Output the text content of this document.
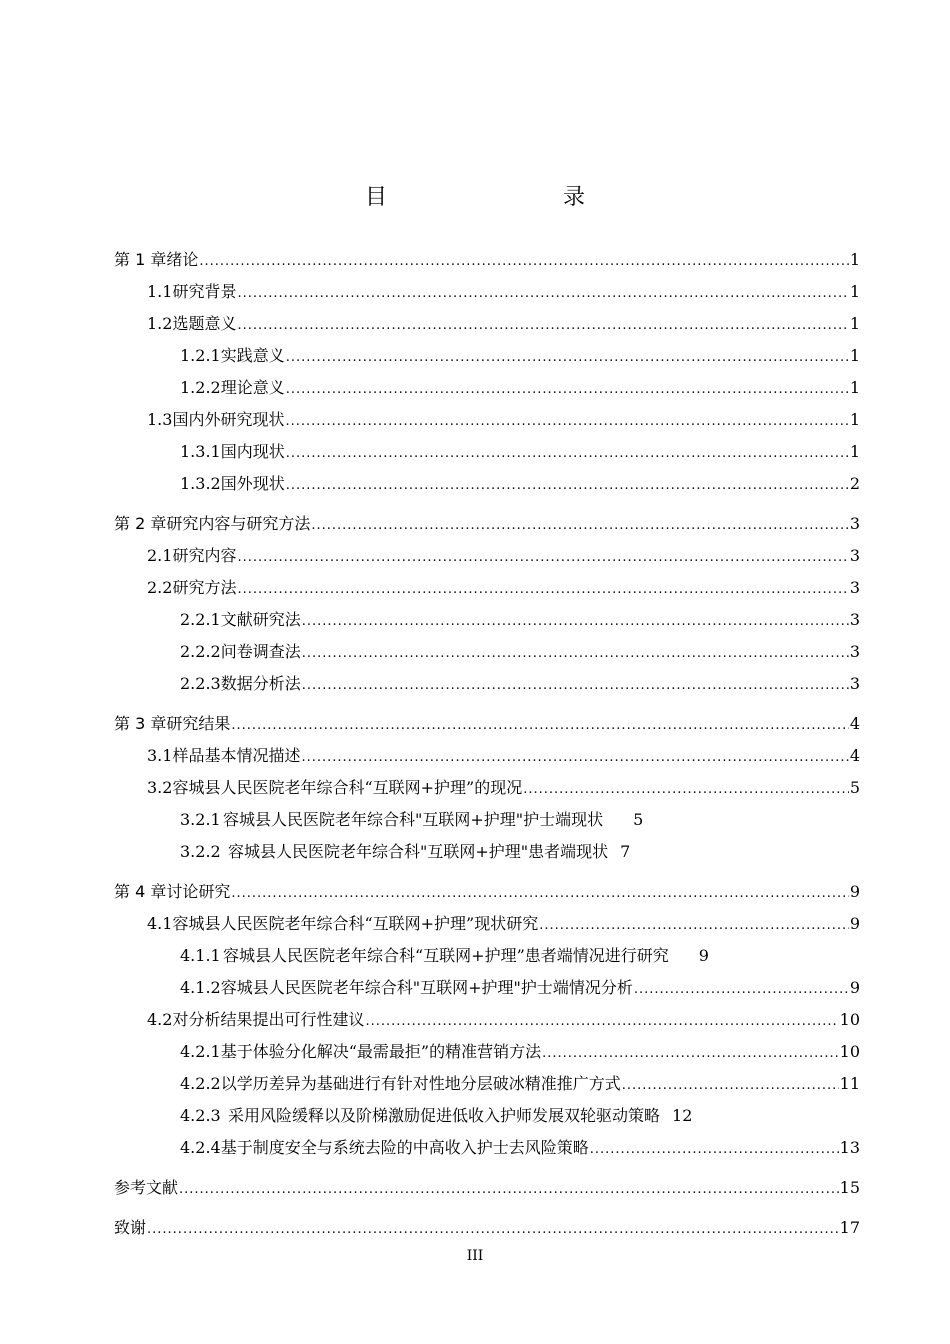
目　　录
第 1 章 绪论 .....	1
1.1 研究背景 .....	1
1.2 选题意义 .....	1
1.2.1 实践意义 .....	1
1.2.2 理论意义 .....	1
1.3 国内外研究现状 .....	1
1.3.1 国内现状 .....	1
1.3.2 国外现状 .....	2
第 2 章 研究内容与研究方法 .....	3
2.1 研究内容 .....	3
2.2 研究方法 .....	3
2.2.1 文献研究法 .....	3
2.2.2 问卷调查法 .....	3
2.2.3 数据分析法 .....	3
第 3 章 研究结果 .....	4
3.1 样品基本情况描述 .....	4
3.2 容城县人民医院老年综合科“互联网+护理”的现况 .....	5
3.2.1 容城县人民医院老年综合科"互联网+护理"护士端现状 5
3.2.2 容城县人民医院老年综合科"互联网+护理"患者端现状 7
第 4 章 讨论研究 .....	9
4.1 容城县人民医院老年综合科“互联网+护理”现状研究 .....	9
4.1.1 容城县人民医院老年综合科“互联网+护理”患者端情况进行研究 9
4.1.2 容城县人民医院老年综合科"互联网+护理"护士端情况分析 .....	9
4.2 对分析结果提出可行性建议 .....	10
4.2.1 基于体验分化解决“最需最拒”的精准营销方法 .....	10
4.2.2 以学历差异为基础进行有针对性地分层破冰精准推广方式 .....	11
4.2.3 采用风险缓释以及阶梯激励促进低收入护师发展双轮驱动策略 12
4.2.4 基于制度安全与系统去险的中高收入护士去风险策略 .....	13
参考文献 .....	15
致谢 .....	17
III
